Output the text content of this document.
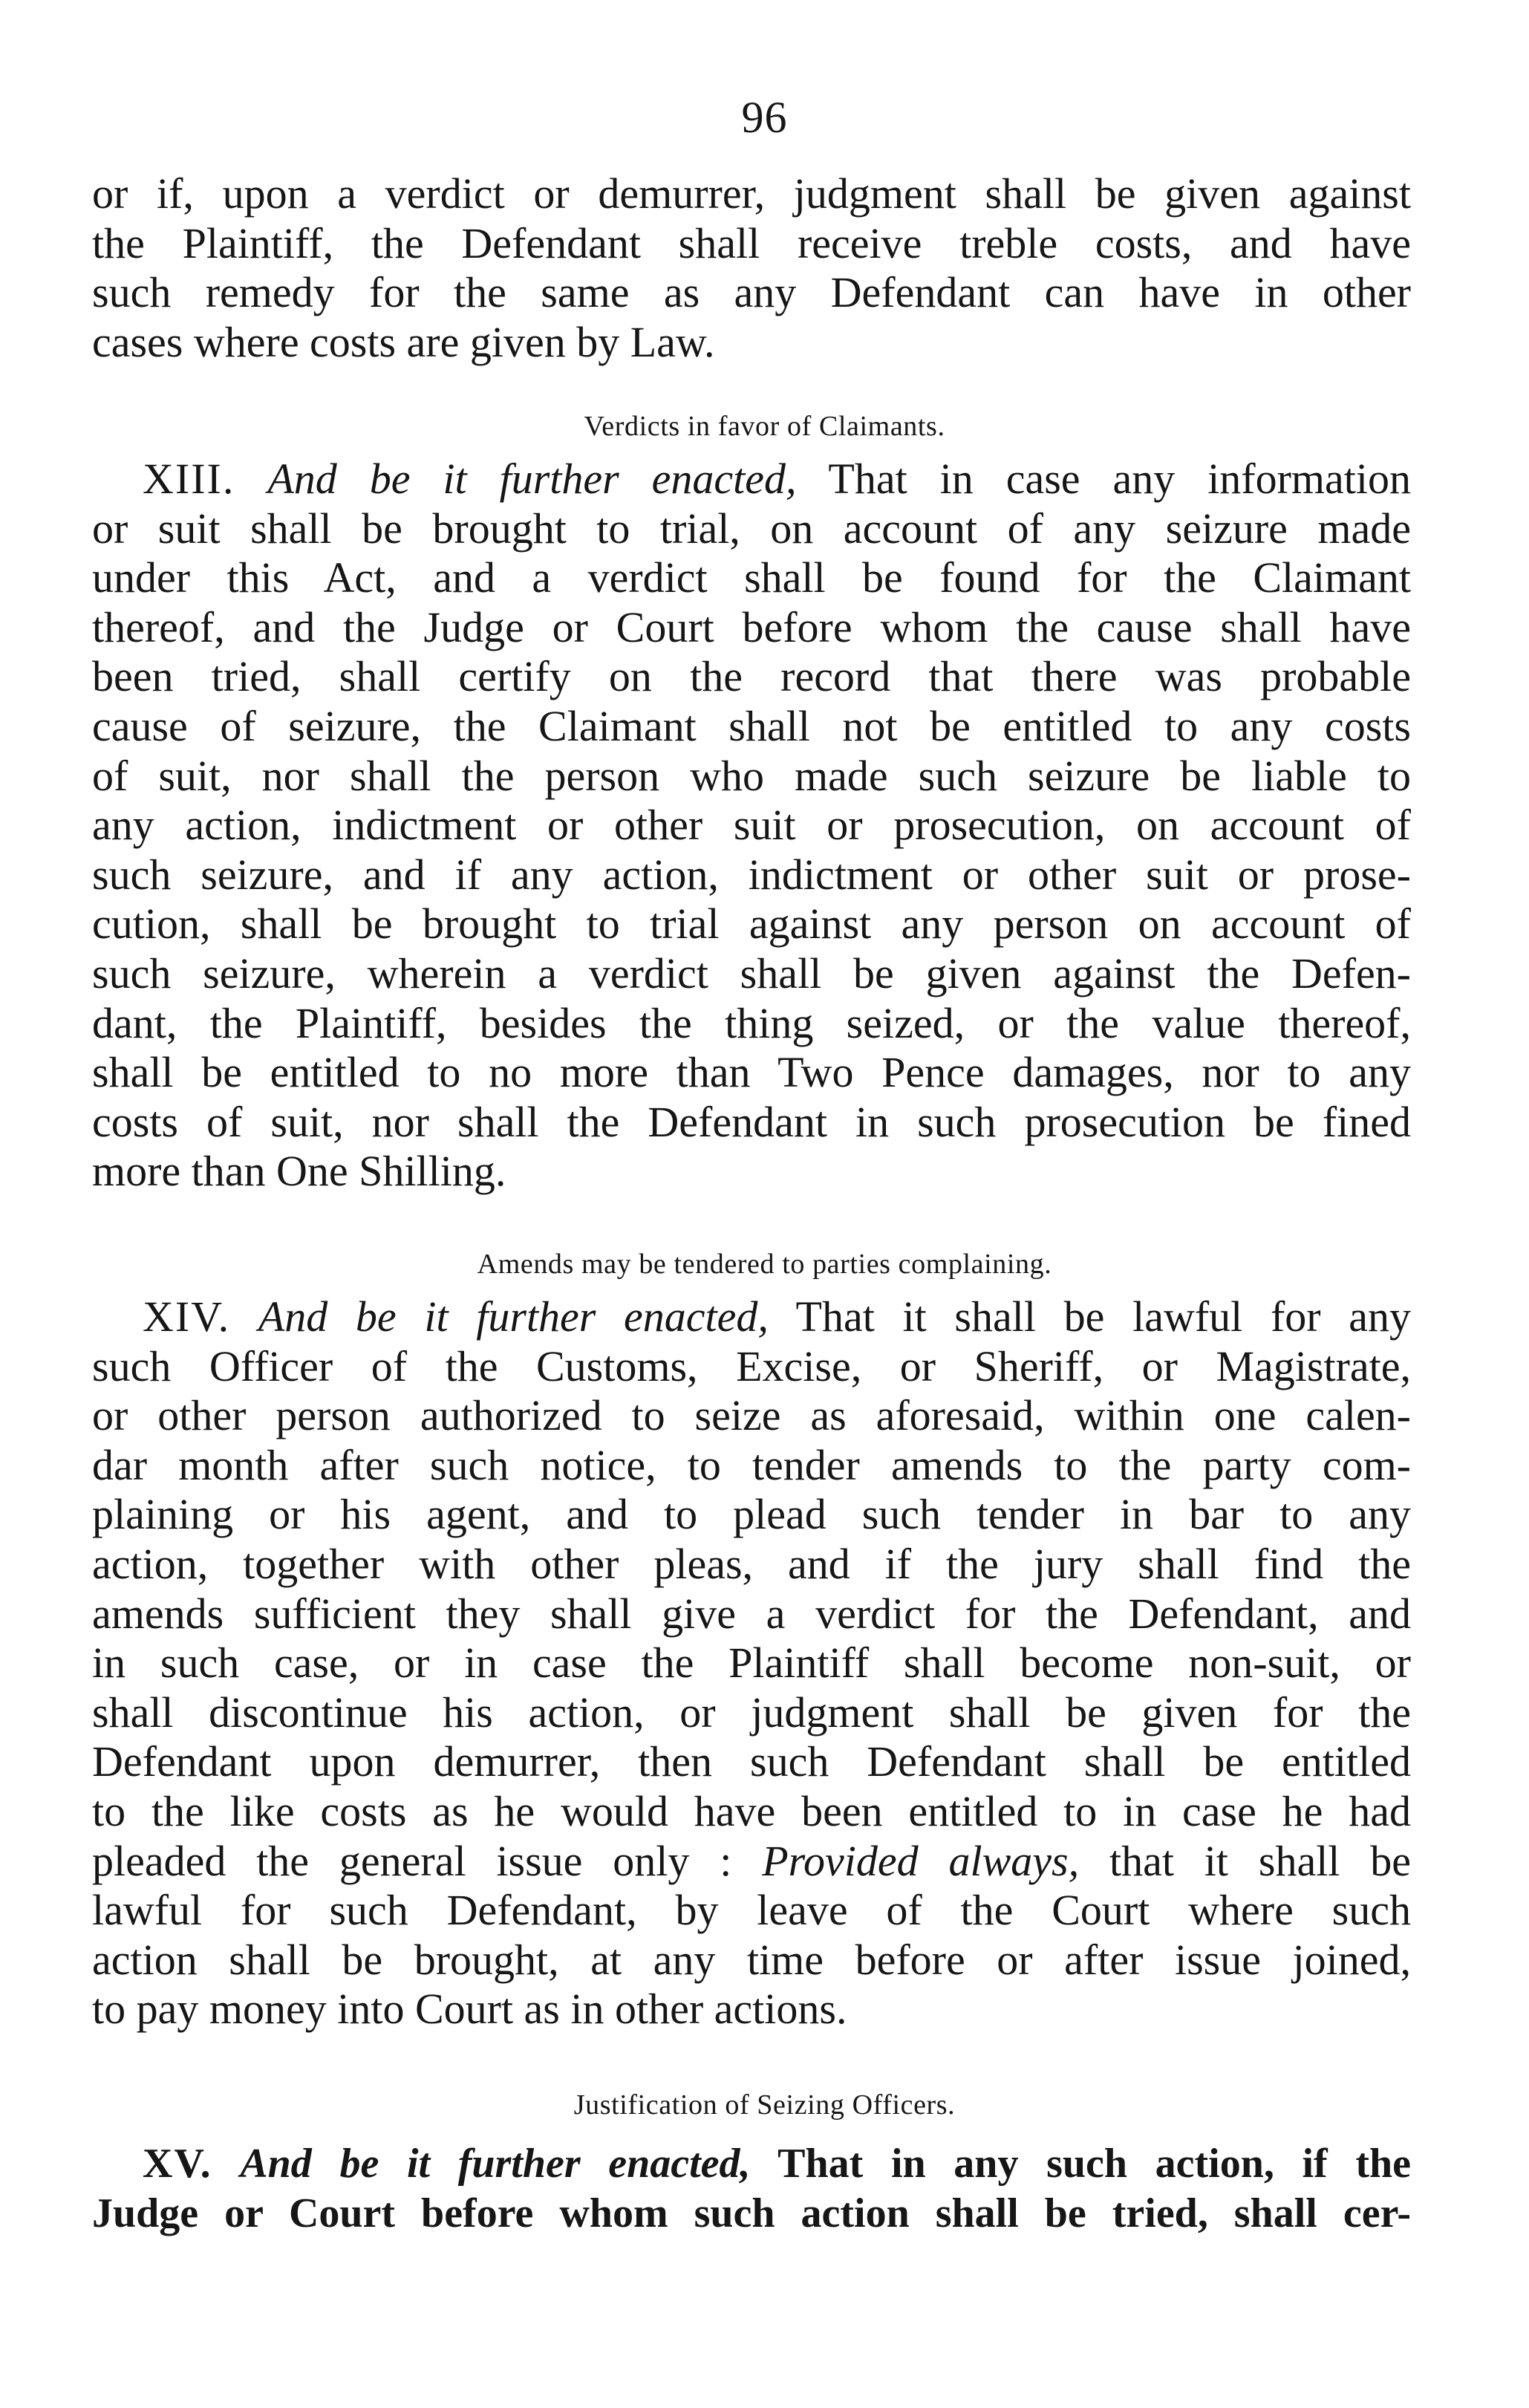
96
or if, upon a verdict or demurrer, judgment shall be given against
the Plaintiff, the Defendant shall receive treble costs, and have
such remedy for the same as any Defendant can have in other
cases where costs are given by Law.
Verdicts in favor of Claimants.
XIII. And be it further enacted, That in case any information
or suit shall be brought to trial, on account of any seizure made
under this Act, and a verdict shall be found for the Claimant
thereof, and the Judge or Court before whom the cause shall have
been tried, shall certify on the record that there was probable
cause of seizure, the Claimant shall not be entitled to any costs
of suit, nor shall the person who made such seizure be liable to
any action, indictment or other suit or prosecution, on account of
such seizure, and if any action, indictment or other suit or prose-
cution, shall be brought to trial against any person on account of
such seizure, wherein a verdict shall be given against the Defen-
dant, the Plaintiff, besides the thing seized, or the value thereof,
shall be entitled to no more than Two Pence damages, nor to any
costs of suit, nor shall the Defendant in such prosecution be fined
more than One Shilling.
Amends may be tendered to parties complaining.
XIV. And be it further enacted, That it shall be lawful for any
such Officer of the Customs, Excise, or Sheriff, or Magistrate,
or other person authorized to seize as aforesaid, within one calen-
dar month after such notice, to tender amends to the party com-
plaining or his agent, and to plead such tender in bar to any
action, together with other pleas, and if the jury shall find the
amends sufficient they shall give a verdict for the Defendant, and
in such case, or in case the Plaintiff shall become non-suit, or
shall discontinue his action, or judgment shall be given for the
Defendant upon demurrer, then such Defendant shall be entitled
to the like costs as he would have been entitled to in case he had
pleaded the general issue only : Provided always, that it shall be
lawful for such Defendant, by leave of the Court where such
action shall be brought, at any time before or after issue joined,
to pay money into Court as in other actions.
Justification of Seizing Officers.
XV. And be it further enacted, That in any such action, if the
Judge or Court before whom such action shall be tried, shall cer-
